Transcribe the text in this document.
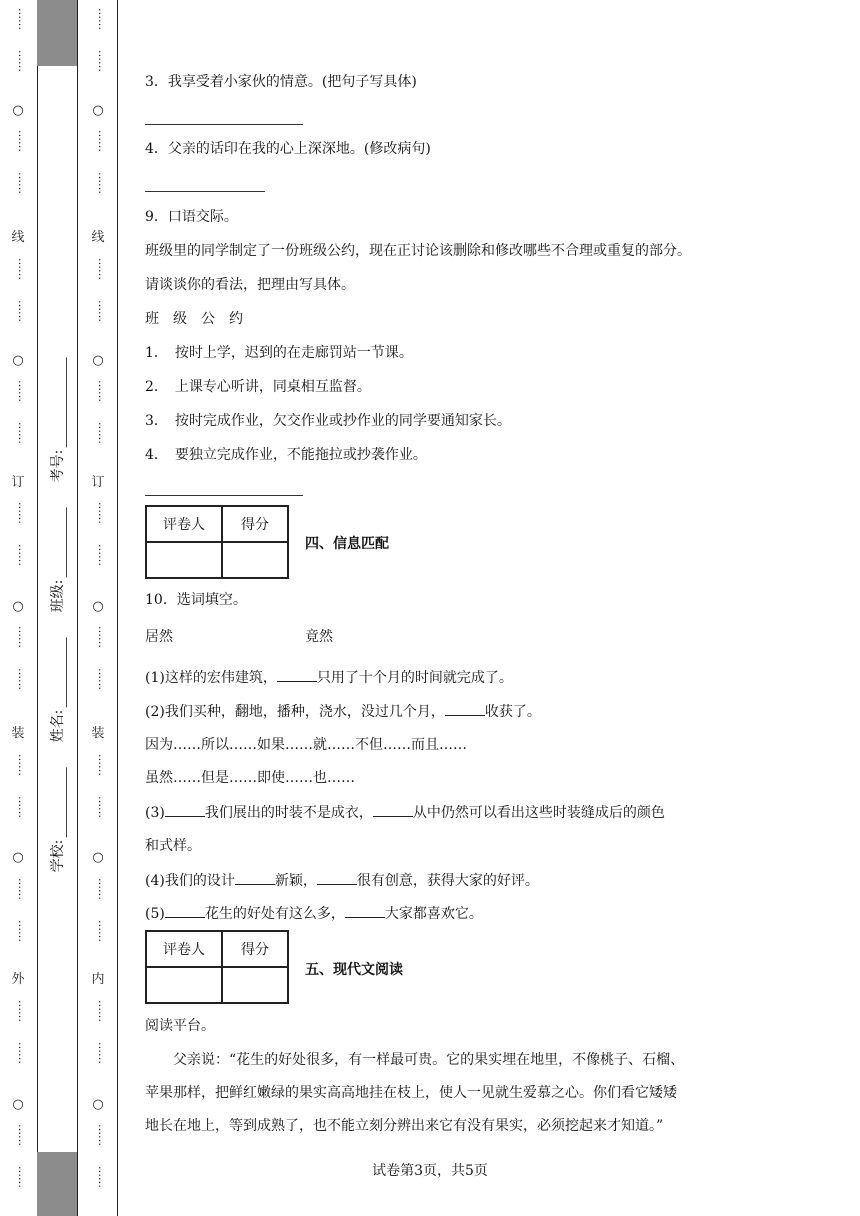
……
……
○
……
……
线
……
……
○
……
……
订
……
……
○
……
……
装
……
……
○
……
……
外
……
……
○
……
……
……
……
○
……
……
线
……
……
○
……
……
订
……
……
○
……
……
装
……
……
○
……
……
内
……
……
○
……
……
学校:
姓名:
班级:
考号:
3．我享受着小家伙的情意。(把句子写具体)
4．父亲的话印在我的心上深深地。(修改病句)
9．口语交际。
班级里的同学制定了一份班级公约，现在正讨论该删除和修改哪些不合理或重复的部分。
请谈谈你的看法，把理由写具体。
班　级　公　约
1．　按时上学，迟到的在走廊罚站一节课。
2．　上课专心听讲，同桌相互监督。
3．　按时完成作业，欠交作业或抄作业的同学要通知家长。
4．　要独立完成作业，不能拖拉或抄袭作业。
评卷人	得分

四、信息匹配
10．选词填空。
居然	竟然
(1)这样的宏伟建筑，	只用了十个月的时间就完成了。
(2)我们买种，翻地，播种，浇水，没过几个月，	收获了。
因为……所以……如果……就……不但……而且……
虽然……但是……即使……也……
(3)	我们展出的时装不是成衣，	从中仍然可以看出这些时装缝成后的颜色
和式样。
(4)我们的设计	新颖，	很有创意，获得大家的好评。
(5)	花生的好处有这么多，	大家都喜欢它。
评卷人	得分

五、现代文阅读
阅读平台。
父亲说：“花生的好处很多，有一样最可贵。它的果实埋在地里，不像桃子、石榴、
苹果那样，把鲜红嫩绿的果实高高地挂在枝上，使人一见就生爱慕之心。你们看它矮矮
地长在地上，等到成熟了，也不能立刻分辨出来它有没有果实，必须挖起来才知道。”
试卷第3页，共5页
